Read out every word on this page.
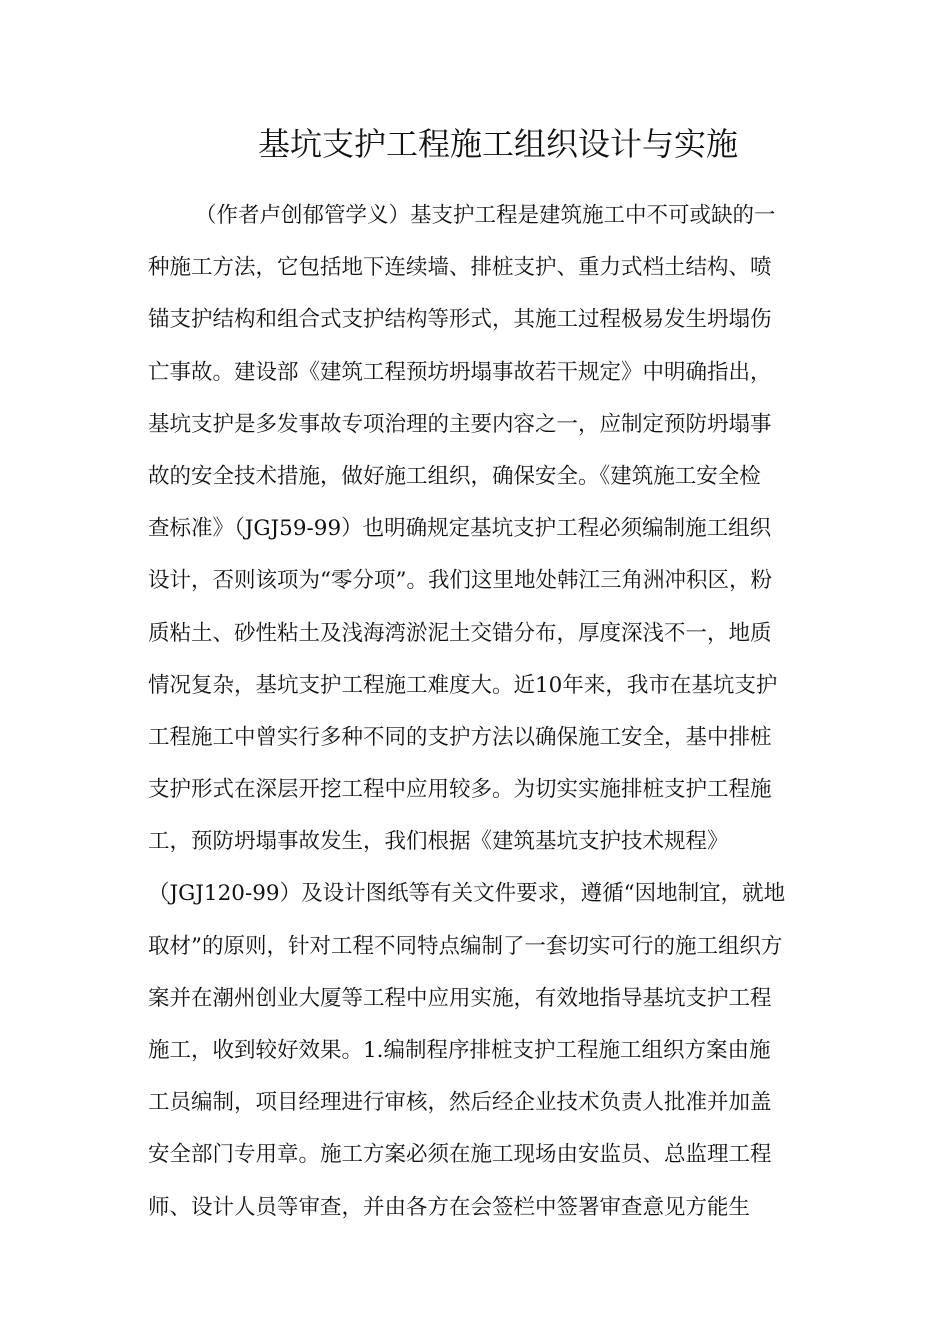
基坑支护工程施工组织设计与实施
（作者卢创郁管学义）基支护工程是建筑施工中不可或缺的一
种施工方法，它包括地下连续墙、排桩支护、重力式档土结构、喷
锚支护结构和组合式支护结构等形式，其施工过程极易发生坍塌伤
亡事故。建设部《建筑工程预坊坍塌事故若干规定》中明确指出，
基坑支护是多发事故专项治理的主要内容之一，应制定预防坍塌事
故的安全技术措施，做好施工组织，确保安全。《建筑施工安全检
查标准》（JGJ59-99）也明确规定基坑支护工程必须编制施工组织
设计，否则该项为“零分项”。我们这里地处韩江三角洲冲积区，粉
质粘土、砂性粘土及浅海湾淤泥土交错分布，厚度深浅不一，地质
情况复杂，基坑支护工程施工难度大。近10年来，我市在基坑支护
工程施工中曾实行多种不同的支护方法以确保施工安全，基中排桩
支护形式在深层开挖工程中应用较多。为切实实施排桩支护工程施
工，预防坍塌事故发生，我们根据《建筑基坑支护技术规程》
（JGJ120-99）及设计图纸等有关文件要求，遵循“因地制宜，就地
取材”的原则，针对工程不同特点编制了一套切实可行的施工组织方
案并在潮州创业大厦等工程中应用实施，有效地指导基坑支护工程
施工，收到较好效果。1.编制程序排桩支护工程施工组织方案由施
工员编制，项目经理进行审核，然后经企业技术负责人批准并加盖
安全部门专用章。施工方案必须在施工现场由安监员、总监理工程
师、设计人员等审查，并由各方在会签栏中签署审查意见方能生
